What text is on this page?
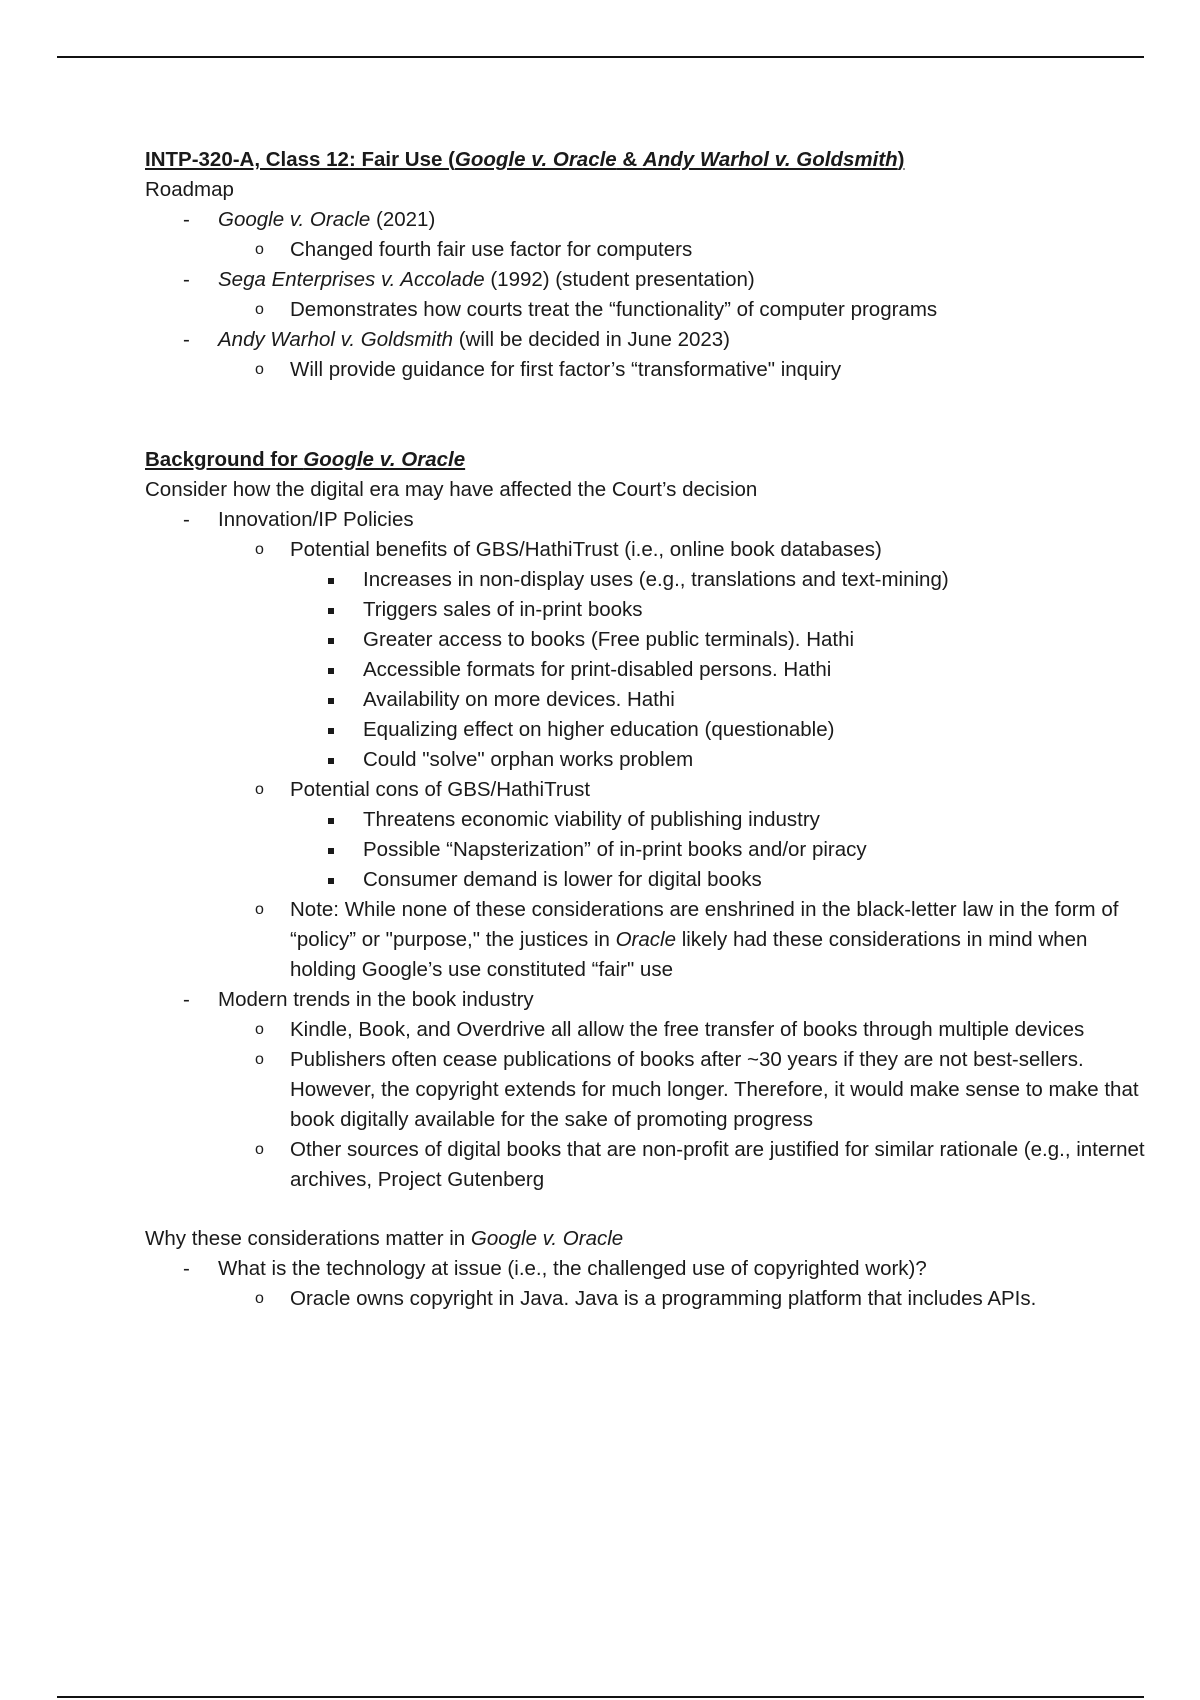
INTP-320-A, Class 12: Fair Use (Google v. Oracle & Andy Warhol v. Goldsmith)
Roadmap
- Google v. Oracle (2021)
o Changed fourth fair use factor for computers
- Sega Enterprises v. Accolade (1992) (student presentation)
o Demonstrates how courts treat the “functionality” of computer programs
- Andy Warhol v. Goldsmith (will be decided in June 2023)
o Will provide guidance for first factor’s “transformative" inquiry
Background for Google v. Oracle
Consider how the digital era may have affected the Court’s decision
- Innovation/IP Policies
o Potential benefits of GBS/HathiTrust (i.e., online book databases)
Increases in non-display uses (e.g., translations and text-mining)
Triggers sales of in-print books
Greater access to books (Free public terminals). Hathi
Accessible formats for print-disabled persons. Hathi
Availability on more devices. Hathi
Equalizing effect on higher education (questionable)
Could "solve" orphan works problem
o Potential cons of GBS/HathiTrust
Threatens economic viability of publishing industry
Possible “Napsterization” of in-print books and/or piracy
Consumer demand is lower for digital books
o Note: While none of these considerations are enshrined in the black-letter law in the form of “policy” or "purpose," the justices in Oracle likely had these considerations in mind when holding Google’s use constituted “fair" use
- Modern trends in the book industry
o Kindle, Book, and Overdrive all allow the free transfer of books through multiple devices
o Publishers often cease publications of books after ~30 years if they are not best-sellers. However, the copyright extends for much longer. Therefore, it would make sense to make that book digitally available for the sake of promoting progress
o Other sources of digital books that are non-profit are justified for similar rationale (e.g., internet archives, Project Gutenberg
Why these considerations matter in Google v. Oracle
- What is the technology at issue (i.e., the challenged use of copyrighted work)?
o Oracle owns copyright in Java. Java is a programming platform that includes APIs.
